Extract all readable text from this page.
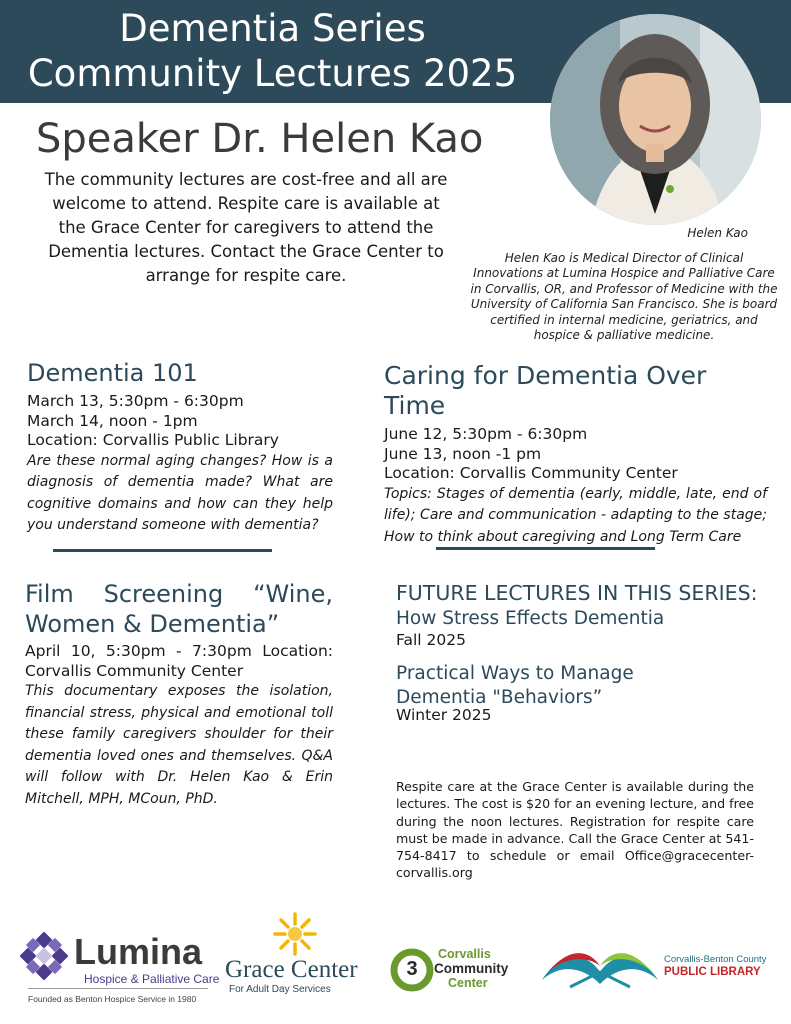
Dementia Series
Community Lectures 2025
Speaker Dr. Helen Kao
The community lectures are cost-free and all are welcome to attend. Respite care is available at the Grace Center for caregivers to attend the Dementia lectures. Contact the Grace Center to arrange for respite care.
Helen Kao
Helen Kao is Medical Director of Clinical Innovations at Lumina Hospice and Palliative Care in Corvallis, OR, and Professor of Medicine with the University of California San Francisco. She is board certified in internal medicine, geriatrics, and hospice & palliative medicine.
Dementia 101
March 13, 5:30pm - 6:30pm
March 14, noon - 1pm
Location: Corvallis Public Library
Are these normal aging changes? How is a diagnosis of dementia made? What are cognitive domains and how can they help you understand someone with dementia?
Caring for Dementia Over Time
June 12, 5:30pm - 6:30pm
June 13, noon -1 pm
Location: Corvallis Community Center
Topics: Stages of dementia (early, middle, late, end of life); Care and communication - adapting to the stage; How to think about caregiving and Long Term Care
Film Screening “Wine,
Women & Dementia”
April 10, 5:30pm - 7:30pm Location: Corvallis Community Center
This documentary exposes the isolation, financial stress, physical and emotional toll these family caregivers shoulder for their dementia loved ones and themselves. Q&A will follow with Dr. Helen Kao & Erin Mitchell, MPH, MCoun, PhD.
FUTURE LECTURES IN THIS SERIES:
How Stress Effects Dementia
Fall 2025
Practical Ways to Manage
Dementia "Behaviors”
Winter 2025
Respite care at the Grace Center is available during the lectures. The cost is $20 for an evening lecture, and free during the noon lectures. Registration for respite care must be made in advance. Call the Grace Center at 541-754-8417 to schedule or email Office@gracecenter-corvallis.org
Lumina
Hospice & Palliative Care
Founded as Benton Hospice Service in 1980
Grace Center
For Adult Day Services
3
Corvallis
Community
Center
Corvallis-Benton County
PUBLIC LIBRARY
